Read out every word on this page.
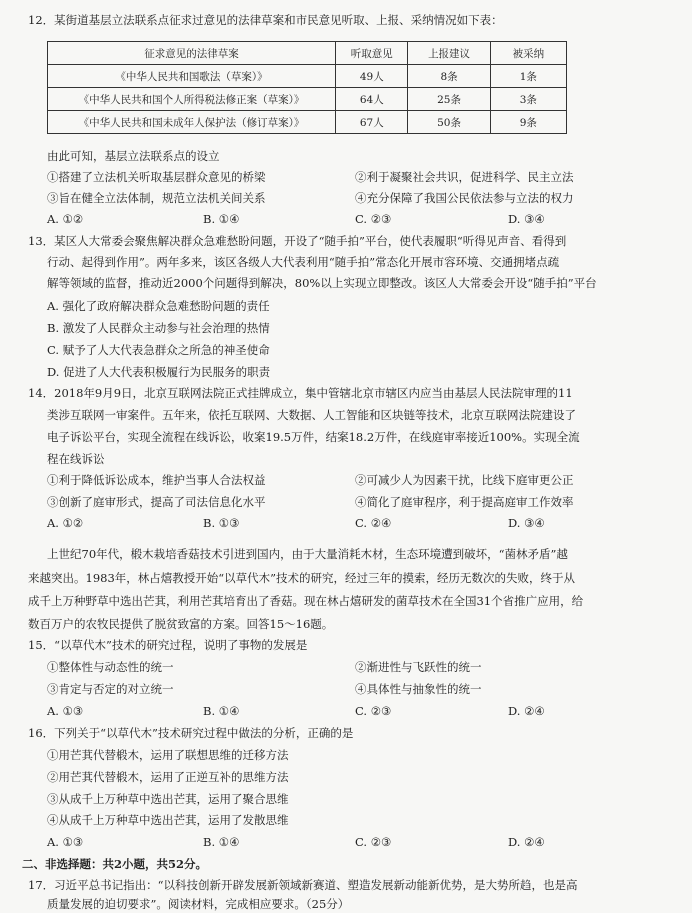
12．某街道基层立法联系点征求过意见的法律草案和市民意见听取、上报、采纳情况如下表：
征求意见的法律草案	听取意见	上报建议	被采纳
《中华人民共和国歌法（草案）》	49人	8条	1条
《中华人民共和国个人所得税法修正案（草案）》	64人	25条	3条
《中华人民共和国未成年人保护法（修订草案）》	67人	50条	9条
由此可知，基层立法联系点的设立
①搭建了立法机关听取基层群众意见的桥梁	②利于凝聚社会共识，促进科学、民主立法
③旨在健全立法体制，规范立法机关间关系	④充分保障了我国公民依法参与立法的权力
A. ①②	B. ①④	C. ②③	D. ③④
13．某区人大常委会聚焦解决群众急难愁盼问题，开设了“随手拍”平台，使代表履职“听得见声音、看得到
行动、起得到作用”。两年多来，该区各级人大代表利用“随手拍”常态化开展市容环境、交通拥堵点疏
解等领域的监督，推动近2000个问题得到解决，80%以上实现立即整改。该区人大常委会开设“随手拍”平台
A. 强化了政府解决群众急难愁盼问题的责任
B. 激发了人民群众主动参与社会治理的热情
C. 赋予了人大代表急群众之所急的神圣使命
D. 促进了人大代表积极履行为民服务的职责
14．2018年9月9日，北京互联网法院正式挂牌成立，集中管辖北京市辖区内应当由基层人民法院审理的11
类涉互联网一审案件。五年来，依托互联网、大数据、人工智能和区块链等技术，北京互联网法院建设了
电子诉讼平台，实现全流程在线诉讼，收案19.5万件，结案18.2万件，在线庭审率接近100%。实现全流
程在线诉讼
①利于降低诉讼成本，维护当事人合法权益	②可减少人为因素干扰，比线下庭审更公正
③创新了庭审形式，提高了司法信息化水平	④简化了庭审程序，利于提高庭审工作效率
A. ①②	B. ①③	C. ②④	D. ③④
上世纪70年代，椴木栽培香菇技术引进到国内，由于大量消耗木材，生态环境遭到破坏，“菌林矛盾”越
来越突出。1983年，林占熺教授开始“以草代木”技术的研究，经过三年的摸索，经历无数次的失败，终于从
成千上万种野草中选出芒萁，利用芒萁培育出了香菇。现在林占熺研发的菌草技术在全国31个省推广应用，给
数百万户的农牧民提供了脱贫致富的方案。回答15～16题。
15．“以草代木”技术的研究过程，说明了事物的发展是
①整体性与动态性的统一	②渐进性与飞跃性的统一
③肯定与否定的对立统一	④具体性与抽象性的统一
A. ①③	B. ①④	C. ②③	D. ②④
16．下列关于“以草代木”技术研究过程中做法的分析，正确的是
①用芒萁代替椴木，运用了联想思维的迁移方法
②用芒萁代替椴木，运用了正逆互补的思维方法
③从成千上万种草中选出芒萁，运用了聚合思维
④从成千上万种草中选出芒萁，运用了发散思维
A. ①③	B. ①④	C. ②③	D. ②④
二、非选择题：共2小题，共52分。
17．习近平总书记指出：“以科技创新开辟发展新领域新赛道、塑造发展新动能新优势，是大势所趋，也是高
质量发展的迫切要求”。阅读材料，完成相应要求。（25分）
